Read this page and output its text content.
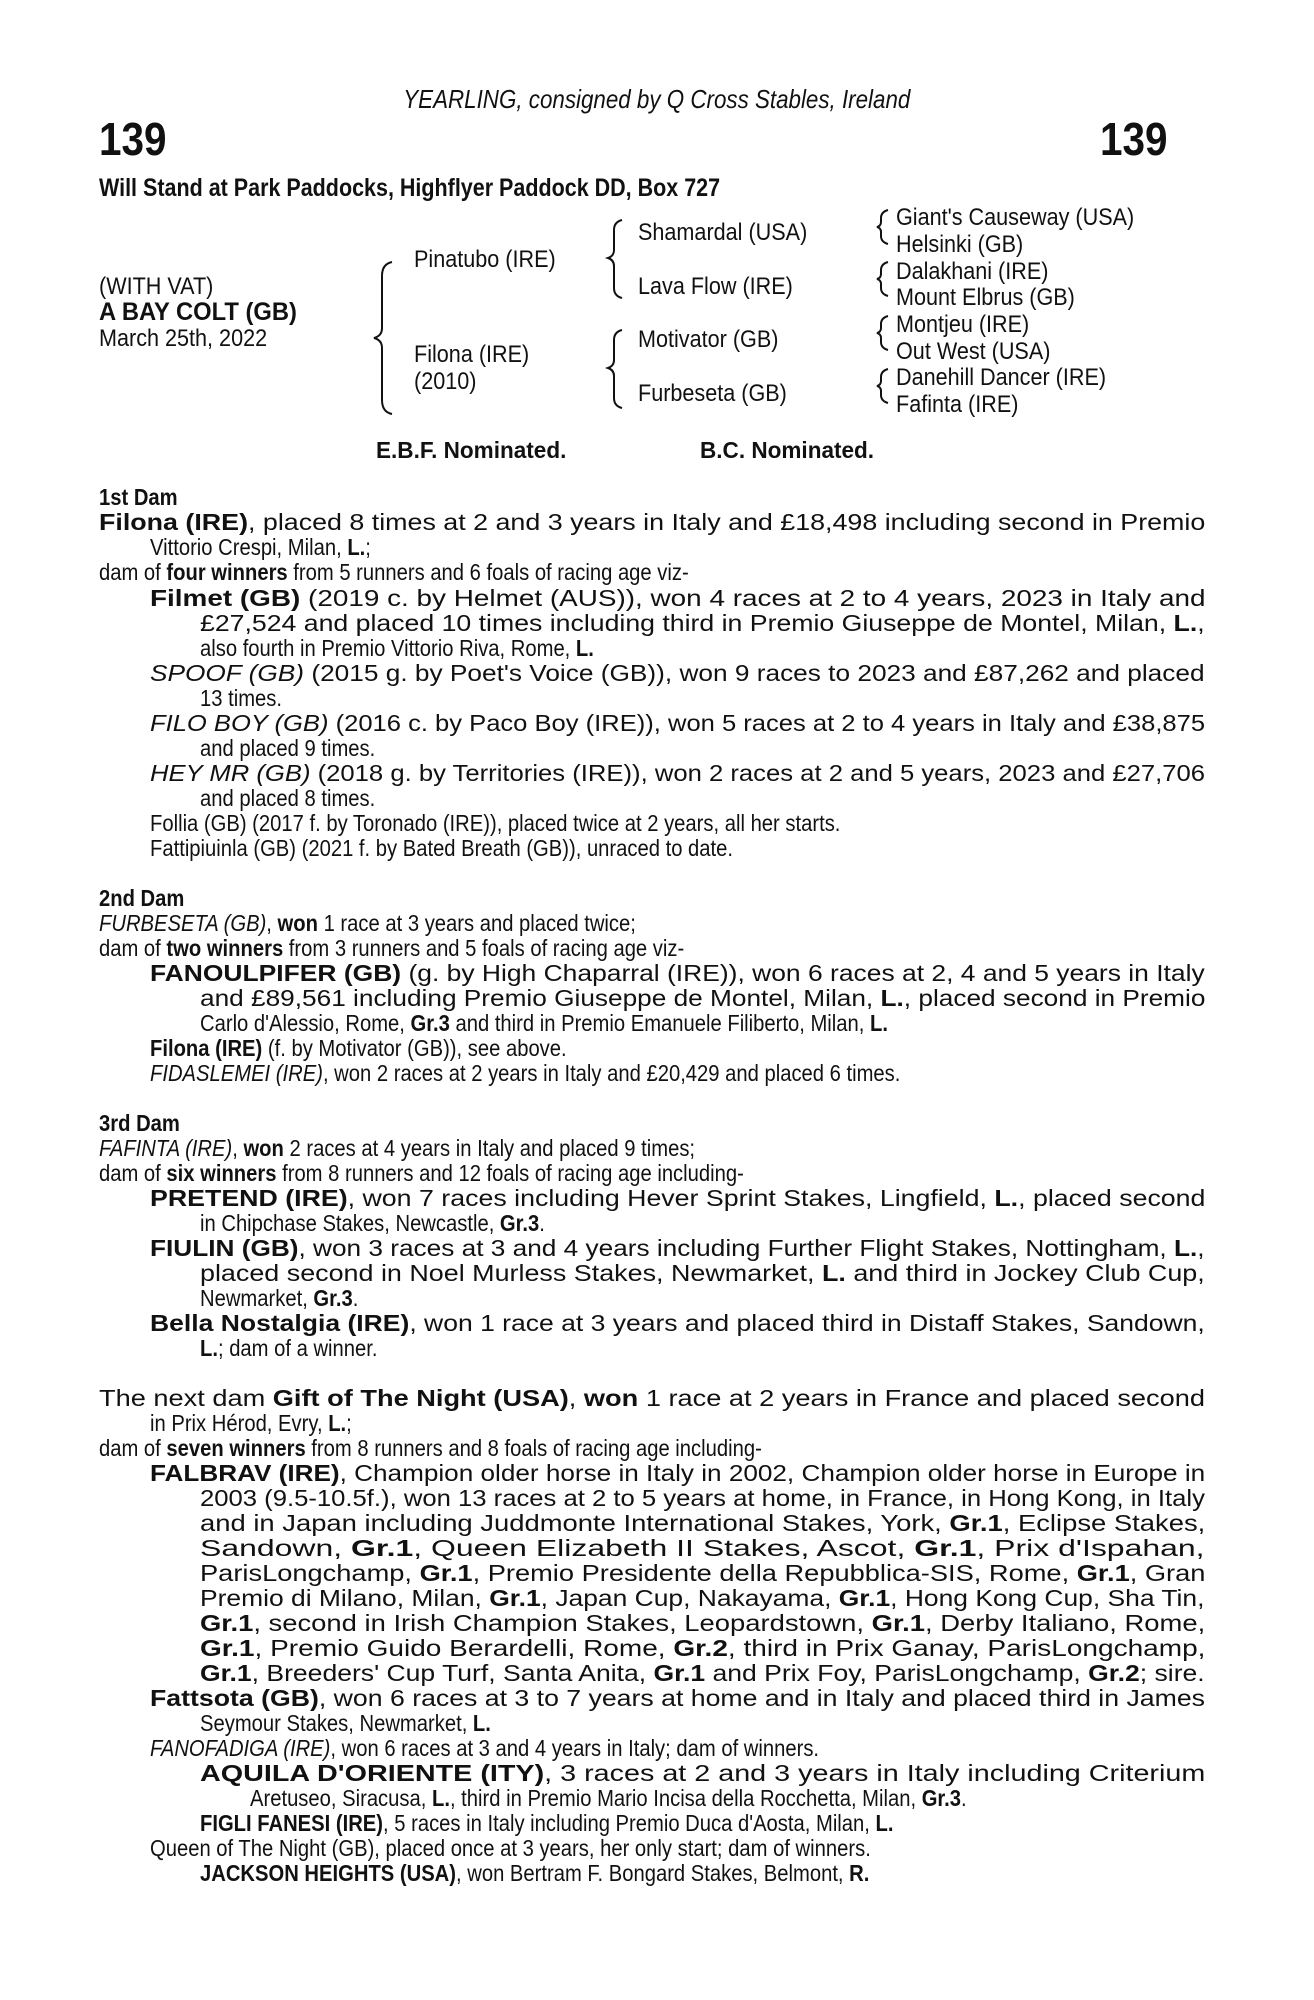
YEARLING, consigned by Q Cross Stables, Ireland
139	139
Will Stand at Park Paddocks, Highflyer Paddock DD, Box 727
(WITH VAT)
A BAY COLT (GB)
March 25th, 2022
Pinatubo (IRE)
Filona (IRE)
(2010)
Shamardal (USA)
Lava Flow (IRE)
Motivator (GB)
Furbeseta (GB)
Giant's Causeway (USA)
Helsinki (GB)
Dalakhani (IRE)
Mount Elbrus (GB)
Montjeu (IRE)
Out West (USA)
Danehill Dancer (IRE)
Fafinta (IRE)
E.B.F. Nominated.	B.C. Nominated.
1st Dam
Filona (IRE), placed 8 times at 2 and 3 years in Italy and £18,498 including second in Premio
Vittorio Crespi, Milan, L.;
dam of four winners from 5 runners and 6 foals of racing age viz-
Filmet (GB) (2019 c. by Helmet (AUS)), won 4 races at 2 to 4 years, 2023 in Italy and
£27,524 and placed 10 times including third in Premio Giuseppe de Montel, Milan, L.,
also fourth in Premio Vittorio Riva, Rome, L.
SPOOF (GB) (2015 g. by Poet's Voice (GB)), won 9 races to 2023 and £87,262 and placed
13 times.
FILO BOY (GB) (2016 c. by Paco Boy (IRE)), won 5 races at 2 to 4 years in Italy and £38,875
and placed 9 times.
HEY MR (GB) (2018 g. by Territories (IRE)), won 2 races at 2 and 5 years, 2023 and £27,706
and placed 8 times.
Follia (GB) (2017 f. by Toronado (IRE)), placed twice at 2 years, all her starts.
Fattipiuinla (GB) (2021 f. by Bated Breath (GB)), unraced to date.
2nd Dam
FURBESETA (GB), won 1 race at 3 years and placed twice;
dam of two winners from 3 runners and 5 foals of racing age viz-
FANOULPIFER (GB) (g. by High Chaparral (IRE)), won 6 races at 2, 4 and 5 years in Italy
and £89,561 including Premio Giuseppe de Montel, Milan, L., placed second in Premio
Carlo d'Alessio, Rome, Gr.3 and third in Premio Emanuele Filiberto, Milan, L.
Filona (IRE) (f. by Motivator (GB)), see above.
FIDASLEMEI (IRE), won 2 races at 2 years in Italy and £20,429 and placed 6 times.
3rd Dam
FAFINTA (IRE), won 2 races at 4 years in Italy and placed 9 times;
dam of six winners from 8 runners and 12 foals of racing age including-
PRETEND (IRE), won 7 races including Hever Sprint Stakes, Lingfield, L., placed second
in Chipchase Stakes, Newcastle, Gr.3.
FIULIN (GB), won 3 races at 3 and 4 years including Further Flight Stakes, Nottingham, L.,
placed second in Noel Murless Stakes, Newmarket, L. and third in Jockey Club Cup,
Newmarket, Gr.3.
Bella Nostalgia (IRE), won 1 race at 3 years and placed third in Distaff Stakes, Sandown,
L.; dam of a winner.
The next dam Gift of The Night (USA), won 1 race at 2 years in France and placed second
in Prix Hérod, Evry, L.;
dam of seven winners from 8 runners and 8 foals of racing age including-
FALBRAV (IRE), Champion older horse in Italy in 2002, Champion older horse in Europe in
2003 (9.5-10.5f.), won 13 races at 2 to 5 years at home, in France, in Hong Kong, in Italy
and in Japan including Juddmonte International Stakes, York, Gr.1, Eclipse Stakes,
Sandown, Gr.1, Queen Elizabeth II Stakes, Ascot, Gr.1, Prix d'Ispahan,
ParisLongchamp, Gr.1, Premio Presidente della Repubblica-SIS, Rome, Gr.1, Gran
Premio di Milano, Milan, Gr.1, Japan Cup, Nakayama, Gr.1, Hong Kong Cup, Sha Tin,
Gr.1, second in Irish Champion Stakes, Leopardstown, Gr.1, Derby Italiano, Rome,
Gr.1, Premio Guido Berardelli, Rome, Gr.2, third in Prix Ganay, ParisLongchamp,
Gr.1, Breeders' Cup Turf, Santa Anita, Gr.1 and Prix Foy, ParisLongchamp, Gr.2; sire.
Fattsota (GB), won 6 races at 3 to 7 years at home and in Italy and placed third in James
Seymour Stakes, Newmarket, L.
FANOFADIGA (IRE), won 6 races at 3 and 4 years in Italy; dam of winners.
AQUILA D'ORIENTE (ITY), 3 races at 2 and 3 years in Italy including Criterium
Aretuseo, Siracusa, L., third in Premio Mario Incisa della Rocchetta, Milan, Gr.3.
FIGLI FANESI (IRE), 5 races in Italy including Premio Duca d'Aosta, Milan, L.
Queen of The Night (GB), placed once at 3 years, her only start; dam of winners.
JACKSON HEIGHTS (USA), won Bertram F. Bongard Stakes, Belmont, R.
